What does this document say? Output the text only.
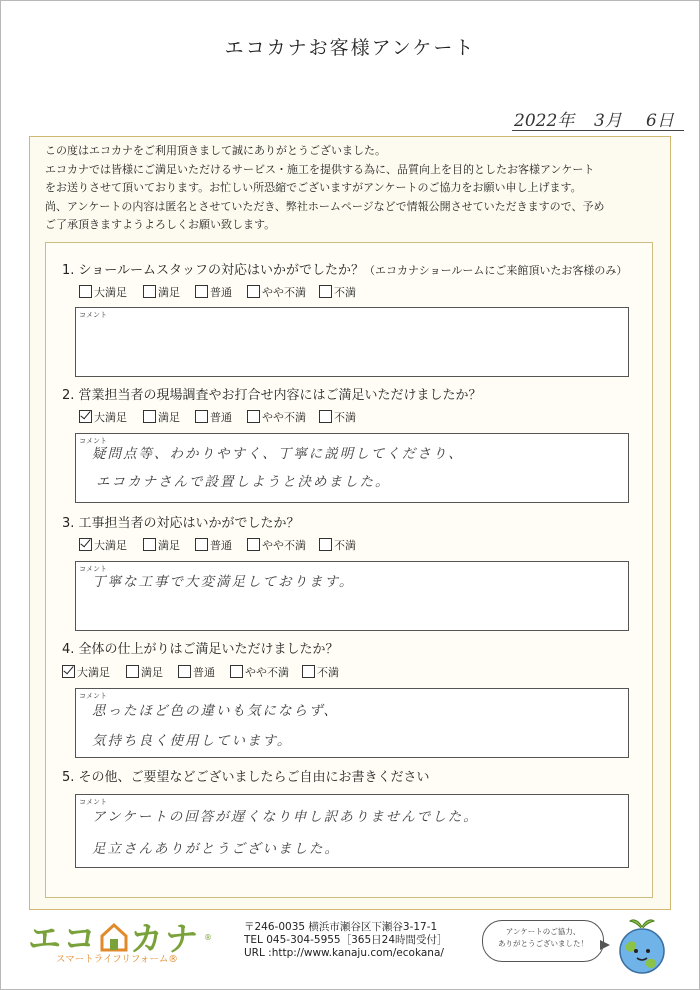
エコカナお客様アンケート
2022年 3月 6日
この度はエコカナをご利用頂きまして誠にありがとうございました。
エコカナでは皆様にご満足いただけるサービス・施工を提供する為に、品質向上を目的としたお客様アンケート
をお送りさせて頂いております。お忙しい所恐縮でございますがアンケートのご協力をお願い申し上げます。
尚、アンケートの内容は匿名とさせていただき、弊社ホームページなどで情報公開させていただきますので、予め
ご了承頂きますようよろしくお願い致します。
1. ショールームスタッフの対応はいかがでしたか？（エコカナショールームにご来館頂いたお客様のみ）
大満足	満足	普通	やや不満	不満
コメント
2. 営業担当者の現場調査やお打合せ内容にはご満足いただけましたか？
大満足	満足	普通	やや不満	不満
コメント
疑問点等、わかりやすく、丁寧に説明してくださり、
エコカナさんで設置しようと決めました。
3. 工事担当者の対応はいかがでしたか？
大満足	満足	普通	やや不満	不満
コメント
丁寧な工事で大変満足しております。
4. 全体の仕上がりはご満足いただけましたか？
大満足	満足	普通	やや不満	不満
コメント
思ったほど色の違いも気にならず、
気持ち良く使用しています。
5. その他、ご要望などございましたらご自由にお書きください
コメント
アンケートの回答が遅くなり申し訳ありませんでした。
足立さんありがとうございました。
エコ カナ ®
スマートライフリフォーム®
〒246-0035 横浜市瀬谷区下瀬谷3-17-1
TEL 045-304-5955［365日24時間受付］
URL :http://www.kanaju.com/ecokana/
アンケートのご協力、
ありがとうございました！
